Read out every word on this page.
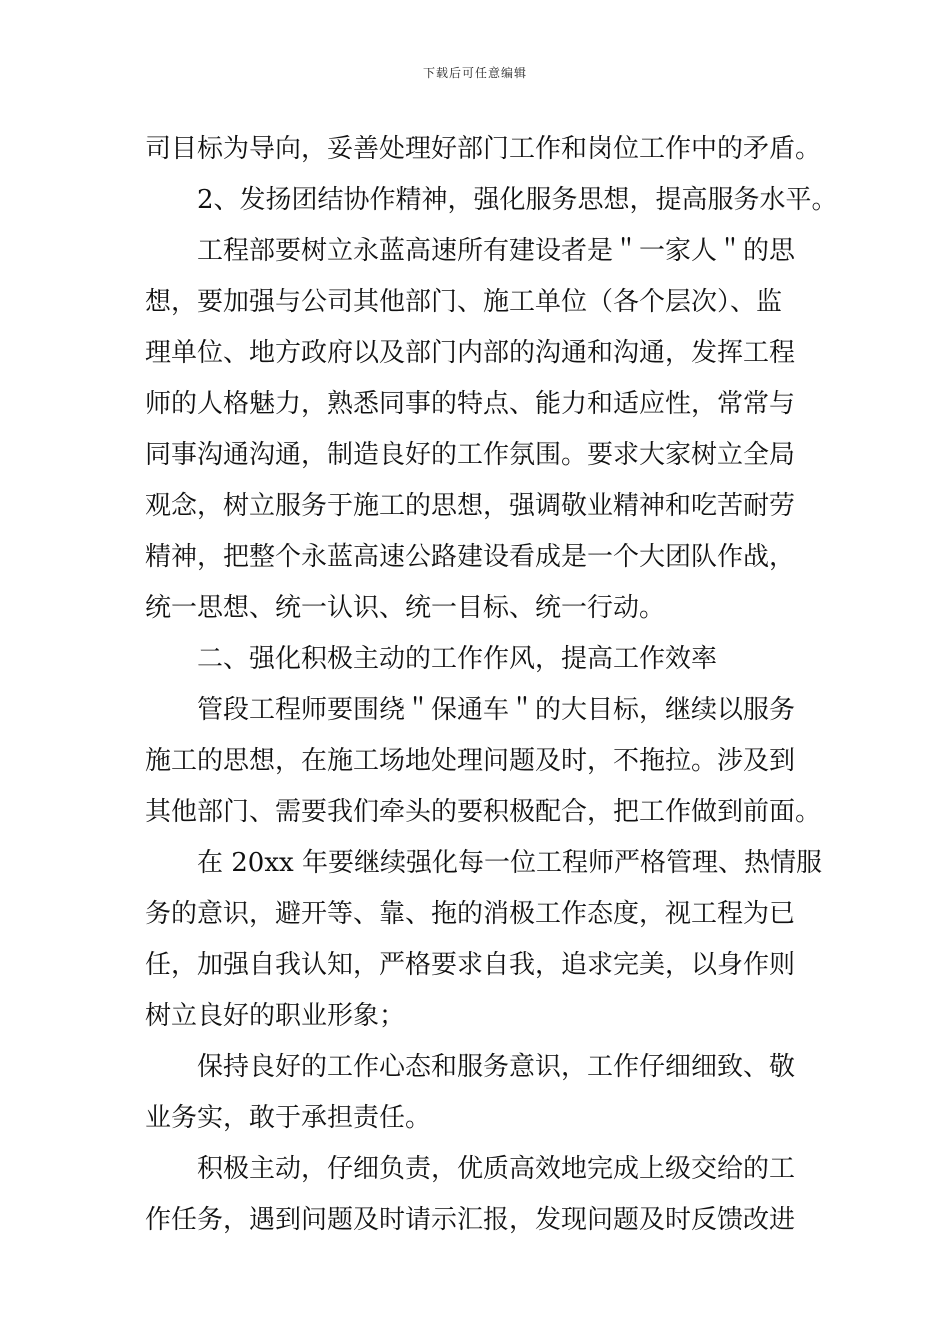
下载后可任意编辑
司目标为导向，妥善处理好部门工作和岗位工作中的矛盾。
2、发扬团结协作精神，强化服务思想，提高服务水平。
工程部要树立永蓝高速所有建设者是＂一家人＂的思
想，要加强与公司其他部门、施工单位（各个层次）、监
理单位、地方政府以及部门内部的沟通和沟通，发挥工程
师的人格魅力，熟悉同事的特点、能力和适应性，常常与
同事沟通沟通，制造良好的工作氛围。要求大家树立全局
观念，树立服务于施工的思想，强调敬业精神和吃苦耐劳
精神，把整个永蓝高速公路建设看成是一个大团队作战，
统一思想、统一认识、统一目标、统一行动。
二、强化积极主动的工作作风，提高工作效率
管段工程师要围绕＂保通车＂的大目标，继续以服务
施工的思想，在施工场地处理问题及时，不拖拉。涉及到
其他部门、需要我们牵头的要积极配合，把工作做到前面。
在 20xx 年要继续强化每一位工程师严格管理、热情服
务的意识，避开等、靠、拖的消极工作态度，视工程为已
任，加强自我认知，严格要求自我，追求完美，以身作则
树立良好的职业形象；
保持良好的工作心态和服务意识，工作仔细细致、敬
业务实，敢于承担责任。
积极主动，仔细负责，优质高效地完成上级交给的工
作任务，遇到问题及时请示汇报，发现问题及时反馈改进
